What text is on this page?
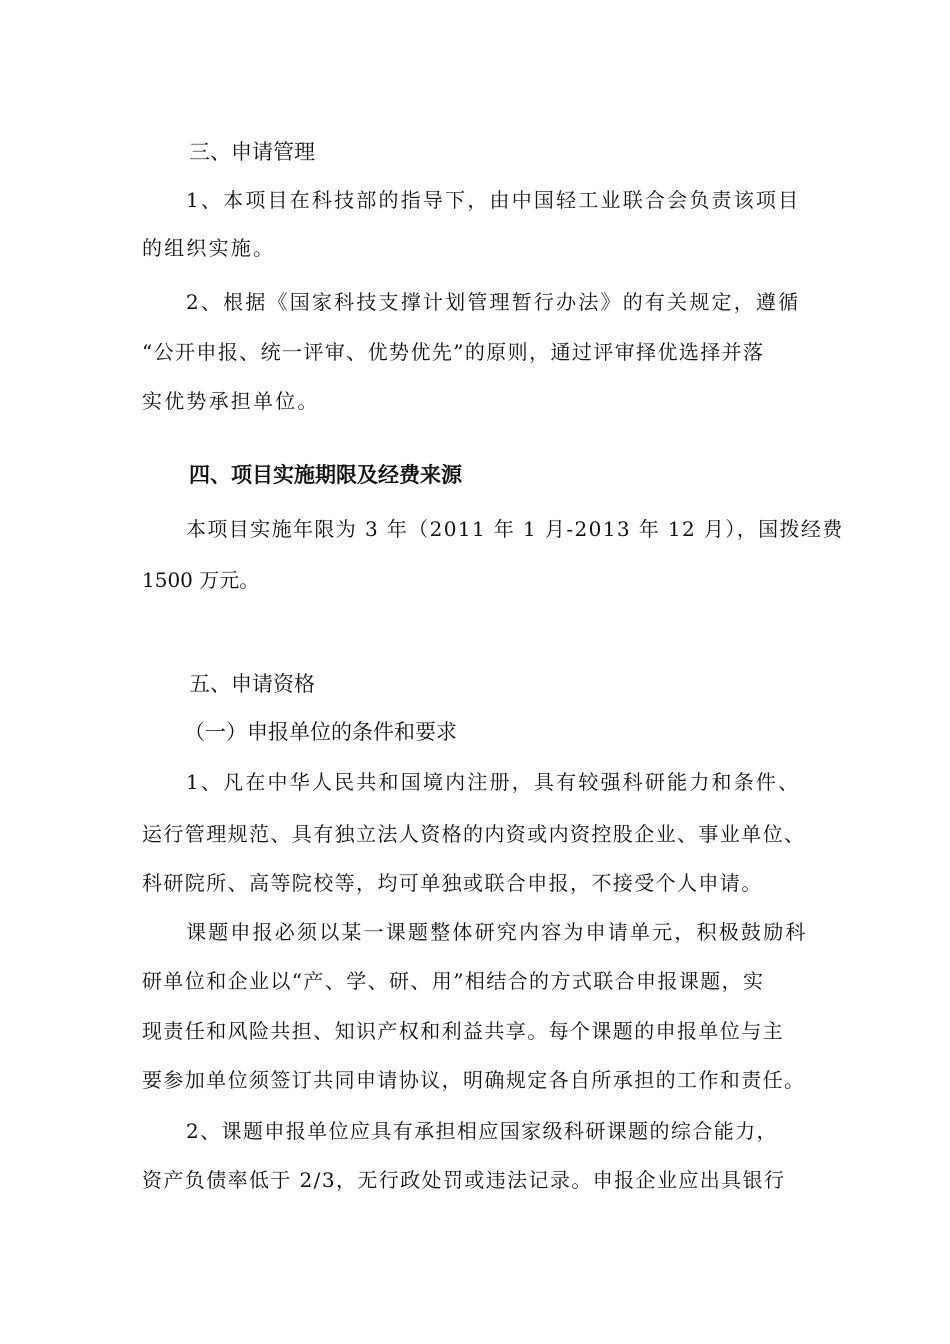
三、申请管理
1、本项目在科技部的指导下，由中国轻工业联合会负责该项目
的组织实施。
2、根据《国家科技支撑计划管理暂行办法》的有关规定，遵循
“公开申报、统一评审、优势优先”的原则，通过评审择优选择并落
实优势承担单位。
四、项目实施期限及经费来源
本项目实施年限为 3 年（2011 年 1 月-2013 年 12 月），国拨经费
1500 万元。
五、申请资格
（一）申报单位的条件和要求
1、凡在中华人民共和国境内注册，具有较强科研能力和条件、
运行管理规范、具有独立法人资格的内资或内资控股企业、事业单位、
科研院所、高等院校等，均可单独或联合申报，不接受个人申请。
课题申报必须以某一课题整体研究内容为申请单元，积极鼓励科
研单位和企业以“产、学、研、用”相结合的方式联合申报课题，实
现责任和风险共担、知识产权和利益共享。每个课题的申报单位与主
要参加单位须签订共同申请协议，明确规定各自所承担的工作和责任。
2、课题申报单位应具有承担相应国家级科研课题的综合能力，
资产负债率低于 2/3，无行政处罚或违法记录。申报企业应出具银行
